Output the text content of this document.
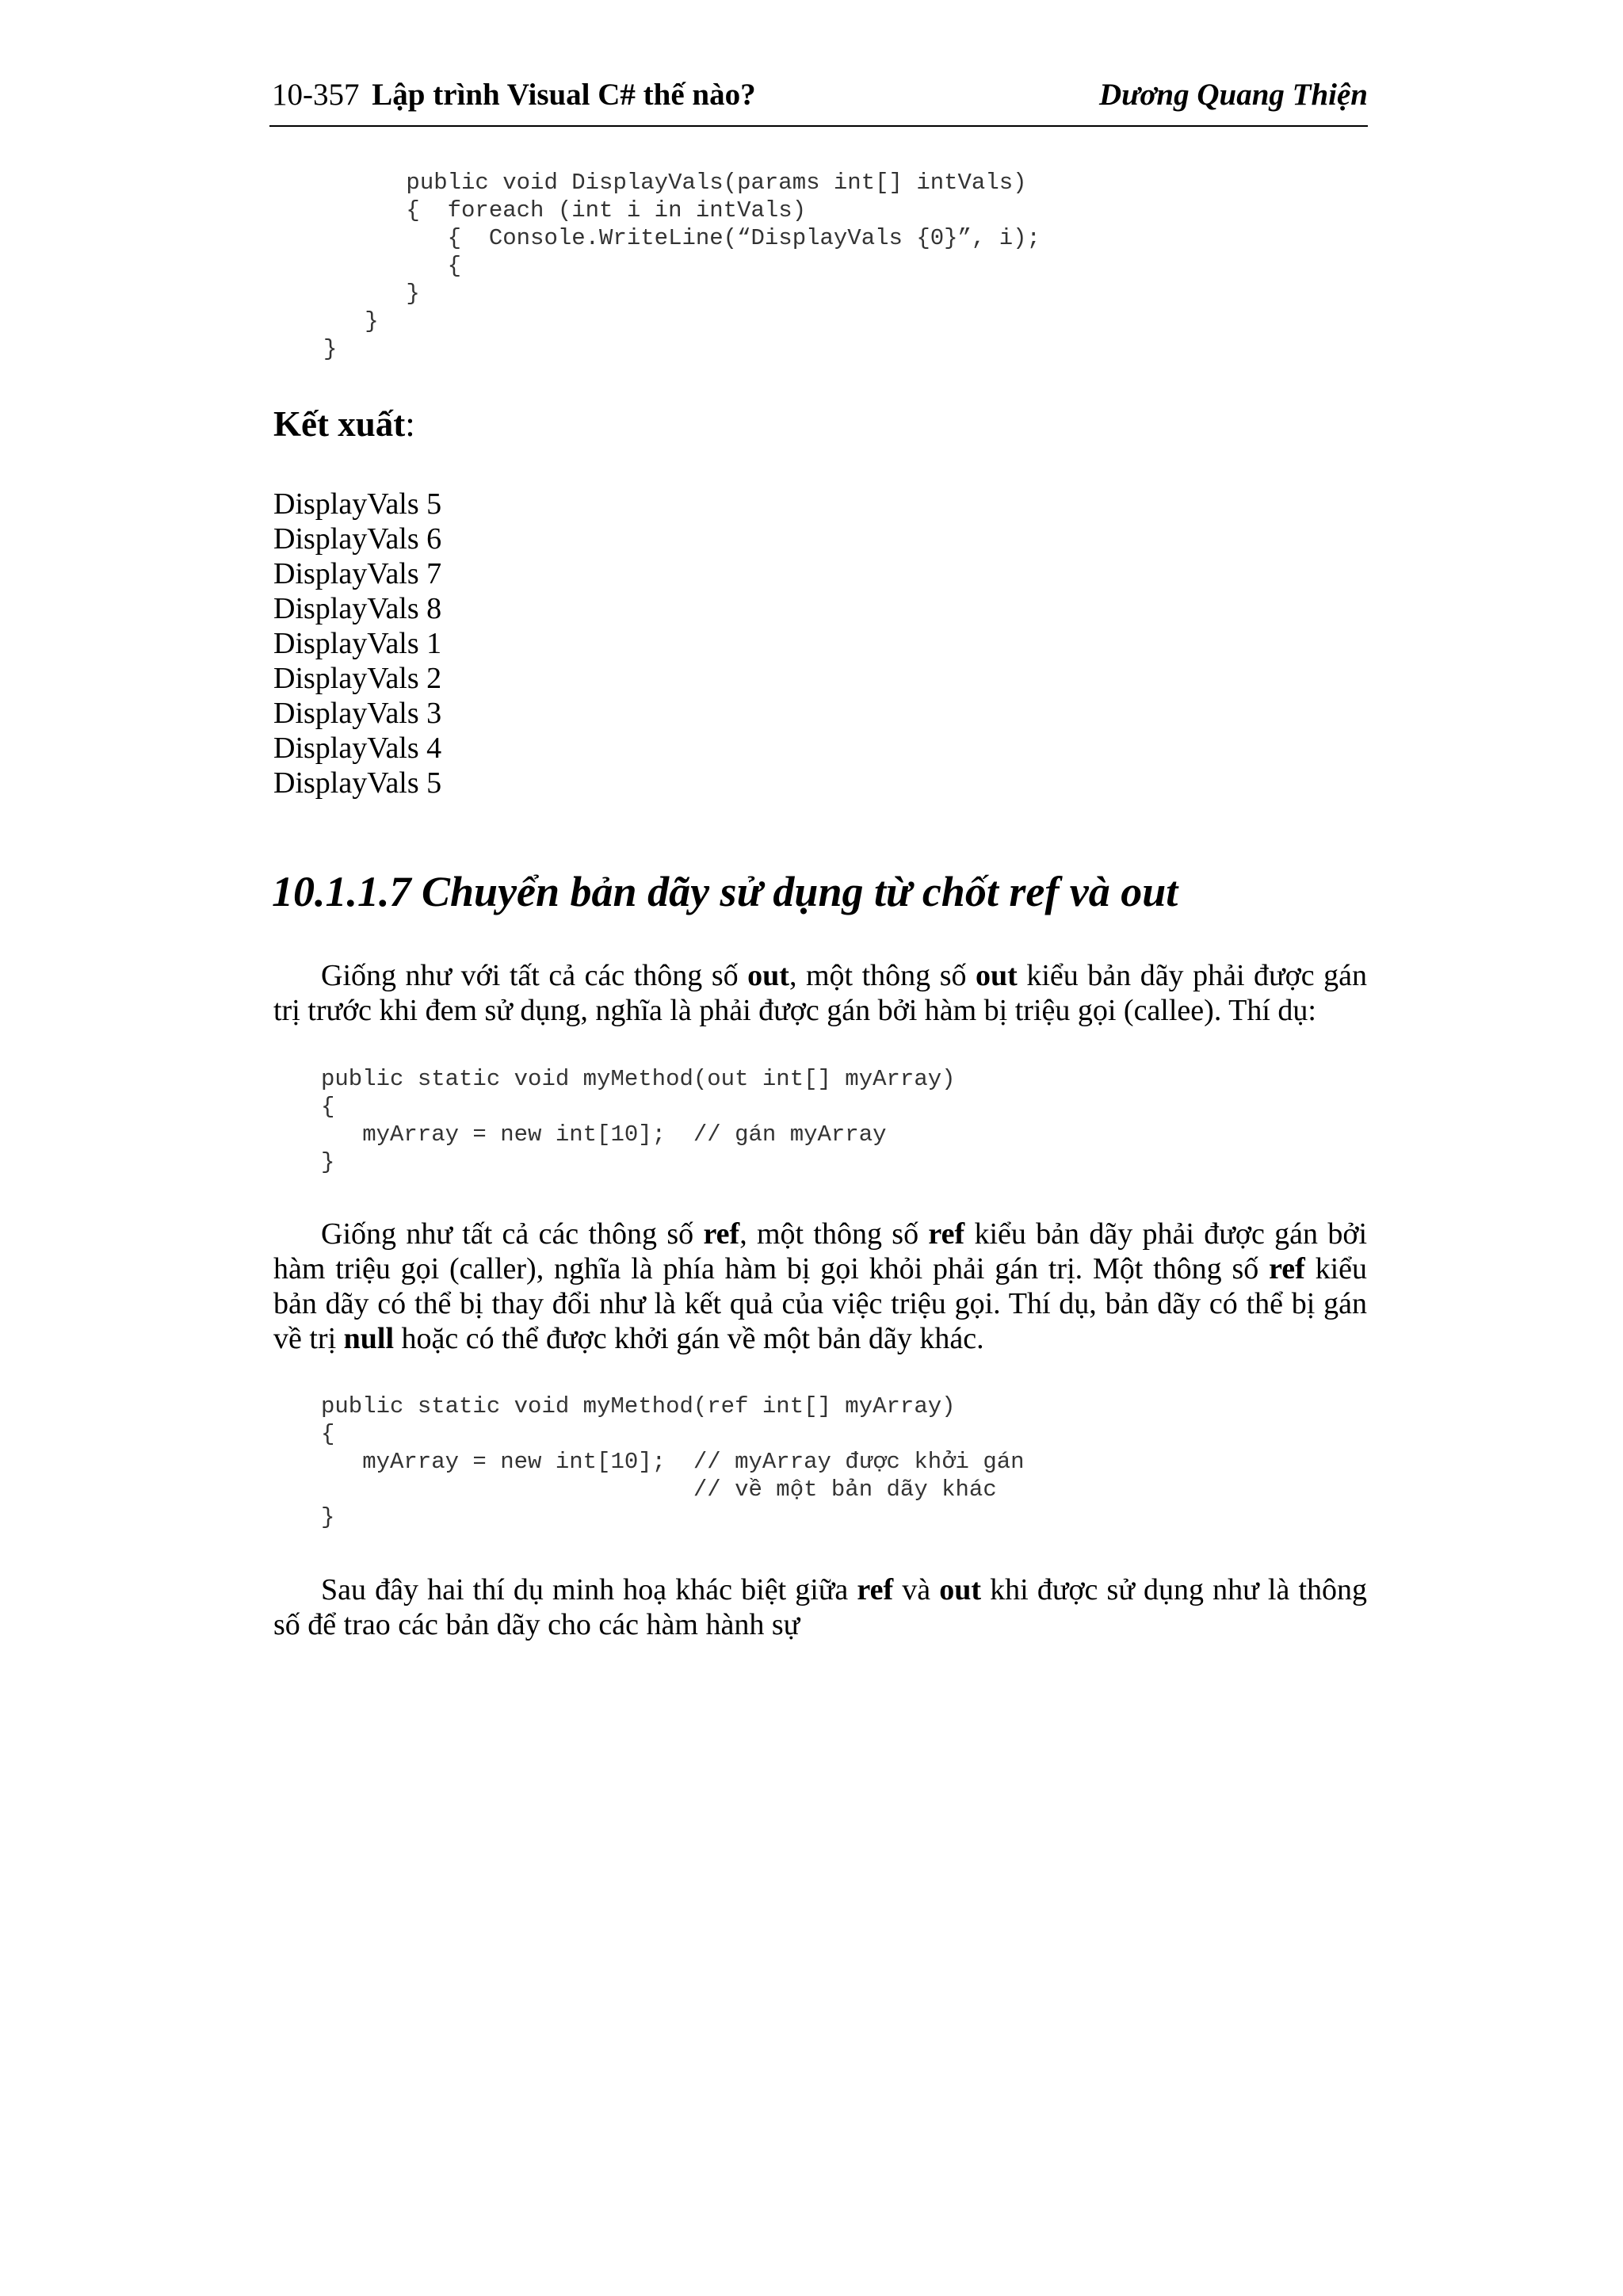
10-357 Lập trình Visual C# thế nào?	Dương Quang Thiện
public void DisplayVals(params int[] intVals)
{  foreach (int i in intVals)
{  Console.WriteLine(“DisplayVals {0}”, i);
{
}
}
}
Kết xuất:
DisplayVals 5
DisplayVals 6
DisplayVals 7
DisplayVals 8
DisplayVals 1
DisplayVals 2
DisplayVals 3
DisplayVals 4
DisplayVals 5
10.1.1.7 Chuyển bản dãy sử dụng từ chốt ref và out

Giống như với tất cả các thông số out, một thông số out kiểu bản dãy phải được gán trị trước khi đem sử dụng, nghĩa là phải được gán bởi hàm bị triệu gọi (callee). Thí dụ:

public static void myMethod(out int[] myArray)
{
myArray = new int[10];  // gán myArray
}

Giống như tất cả các thông số ref, một thông số ref kiểu bản dãy phải được gán bởi hàm triệu gọi (caller), nghĩa là phía hàm bị gọi khỏi phải gán trị. Một thông số ref kiểu bản dãy có thể bị thay đổi như là kết quả của việc triệu gọi. Thí dụ, bản dãy có thể bị gán về trị null hoặc có thể được khởi gán về một bản dãy khác.

public static void myMethod(ref int[] myArray)
{
myArray = new int[10];  // myArray được khởi gán
// về một bản dãy khác
}

Sau đây hai thí dụ minh hoạ khác biệt giữa ref và out khi được sử dụng như là thông số để trao các bản dãy cho các hàm hành sự
